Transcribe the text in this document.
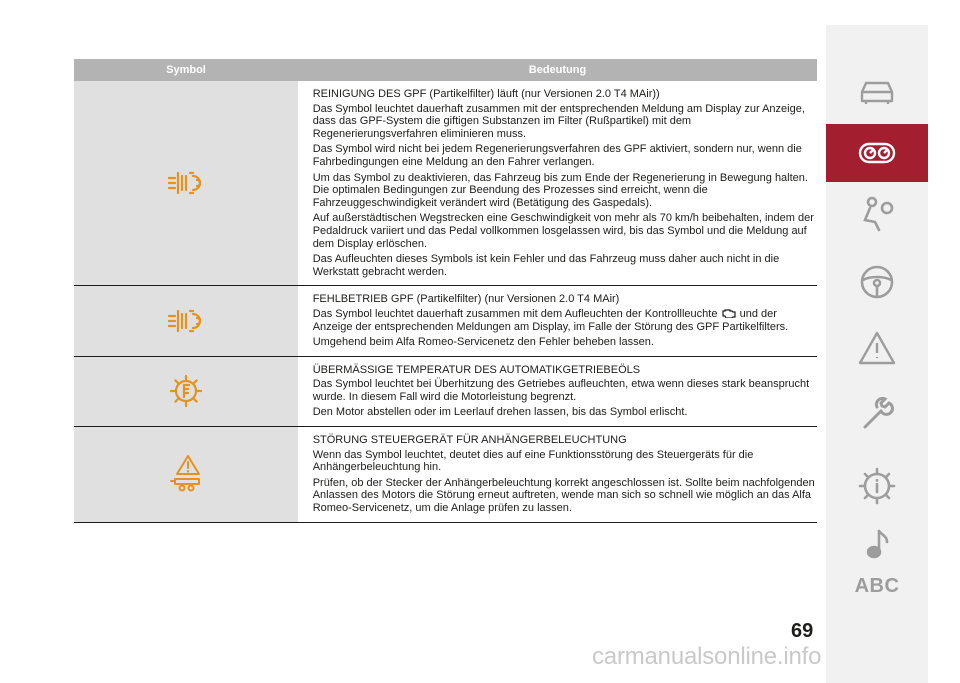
Symbol	Bedeutung
REINIGUNG DES GPF (Partikelfilter) läuft (nur Versionen 2.0 T4 MAir))

Das Symbol leuchtet dauerhaft zusammen mit der entsprechenden Meldung am Display zur Anzeige, dass das GPF-System die giftigen Substanzen im Filter (Rußpartikel) mit dem Regenerierungsverfahren eliminieren muss.

Das Symbol wird nicht bei jedem Regenerierungsverfahren des GPF aktiviert, sondern nur, wenn die Fahrbedingungen eine Meldung an den Fahrer verlangen.

Um das Symbol zu deaktivieren, das Fahrzeug bis zum Ende der Regenerierung in Bewegung halten. Die optimalen Bedingungen zur Beendung des Prozesses sind erreicht, wenn die Fahrzeuggeschwindigkeit verändert wird (Betätigung des Gaspedals).

Auf außerstädtischen Wegstrecken eine Geschwindigkeit von mehr als 70 km/h beibehalten, indem der Pedaldruck variiert und das Pedal vollkommen losgelassen wird, bis das Symbol und die Meldung auf dem Display erlöschen.

Das Aufleuchten dieses Symbols ist kein Fehler und das Fahrzeug muss daher auch nicht in die Werkstatt gebracht werden.

FEHLBETRIEB GPF (Partikelfilter) (nur Versionen 2.0 T4 MAir)

Das Symbol leuchtet dauerhaft zusammen mit dem Aufleuchten der Kontrollleuchte und der Anzeige der entsprechenden Meldungen am Display, im Falle der Störung des GPF Partikelfilters.

Umgehend beim Alfa Romeo-Servicenetz den Fehler beheben lassen.

ÜBERMÄSSIGE TEMPERATUR DES AUTOMATIKGETRIEBEÖLS

Das Symbol leuchtet bei Überhitzung des Getriebes aufleuchten, etwa wenn dieses stark beansprucht wurde. In diesem Fall wird die Motorleistung begrenzt.

Den Motor abstellen oder im Leerlauf drehen lassen, bis das Symbol erlischt.

STÖRUNG STEUERGERÄT FÜR ANHÄNGERBELEUCHTUNG

Wenn das Symbol leuchtet, deutet dies auf eine Funktionsstörung des Steuergeräts für die Anhängerbeleuchtung hin.

Prüfen, ob der Stecker der Anhängerbeleuchtung korrekt angeschlossen ist. Sollte beim nachfolgenden Anlassen des Motors die Störung erneut auftreten, wende man sich so schnell wie möglich an das Alfa Romeo-Servicenetz, um die Anlage prüfen zu lassen.

ABC
69
carmanualsonline.info
